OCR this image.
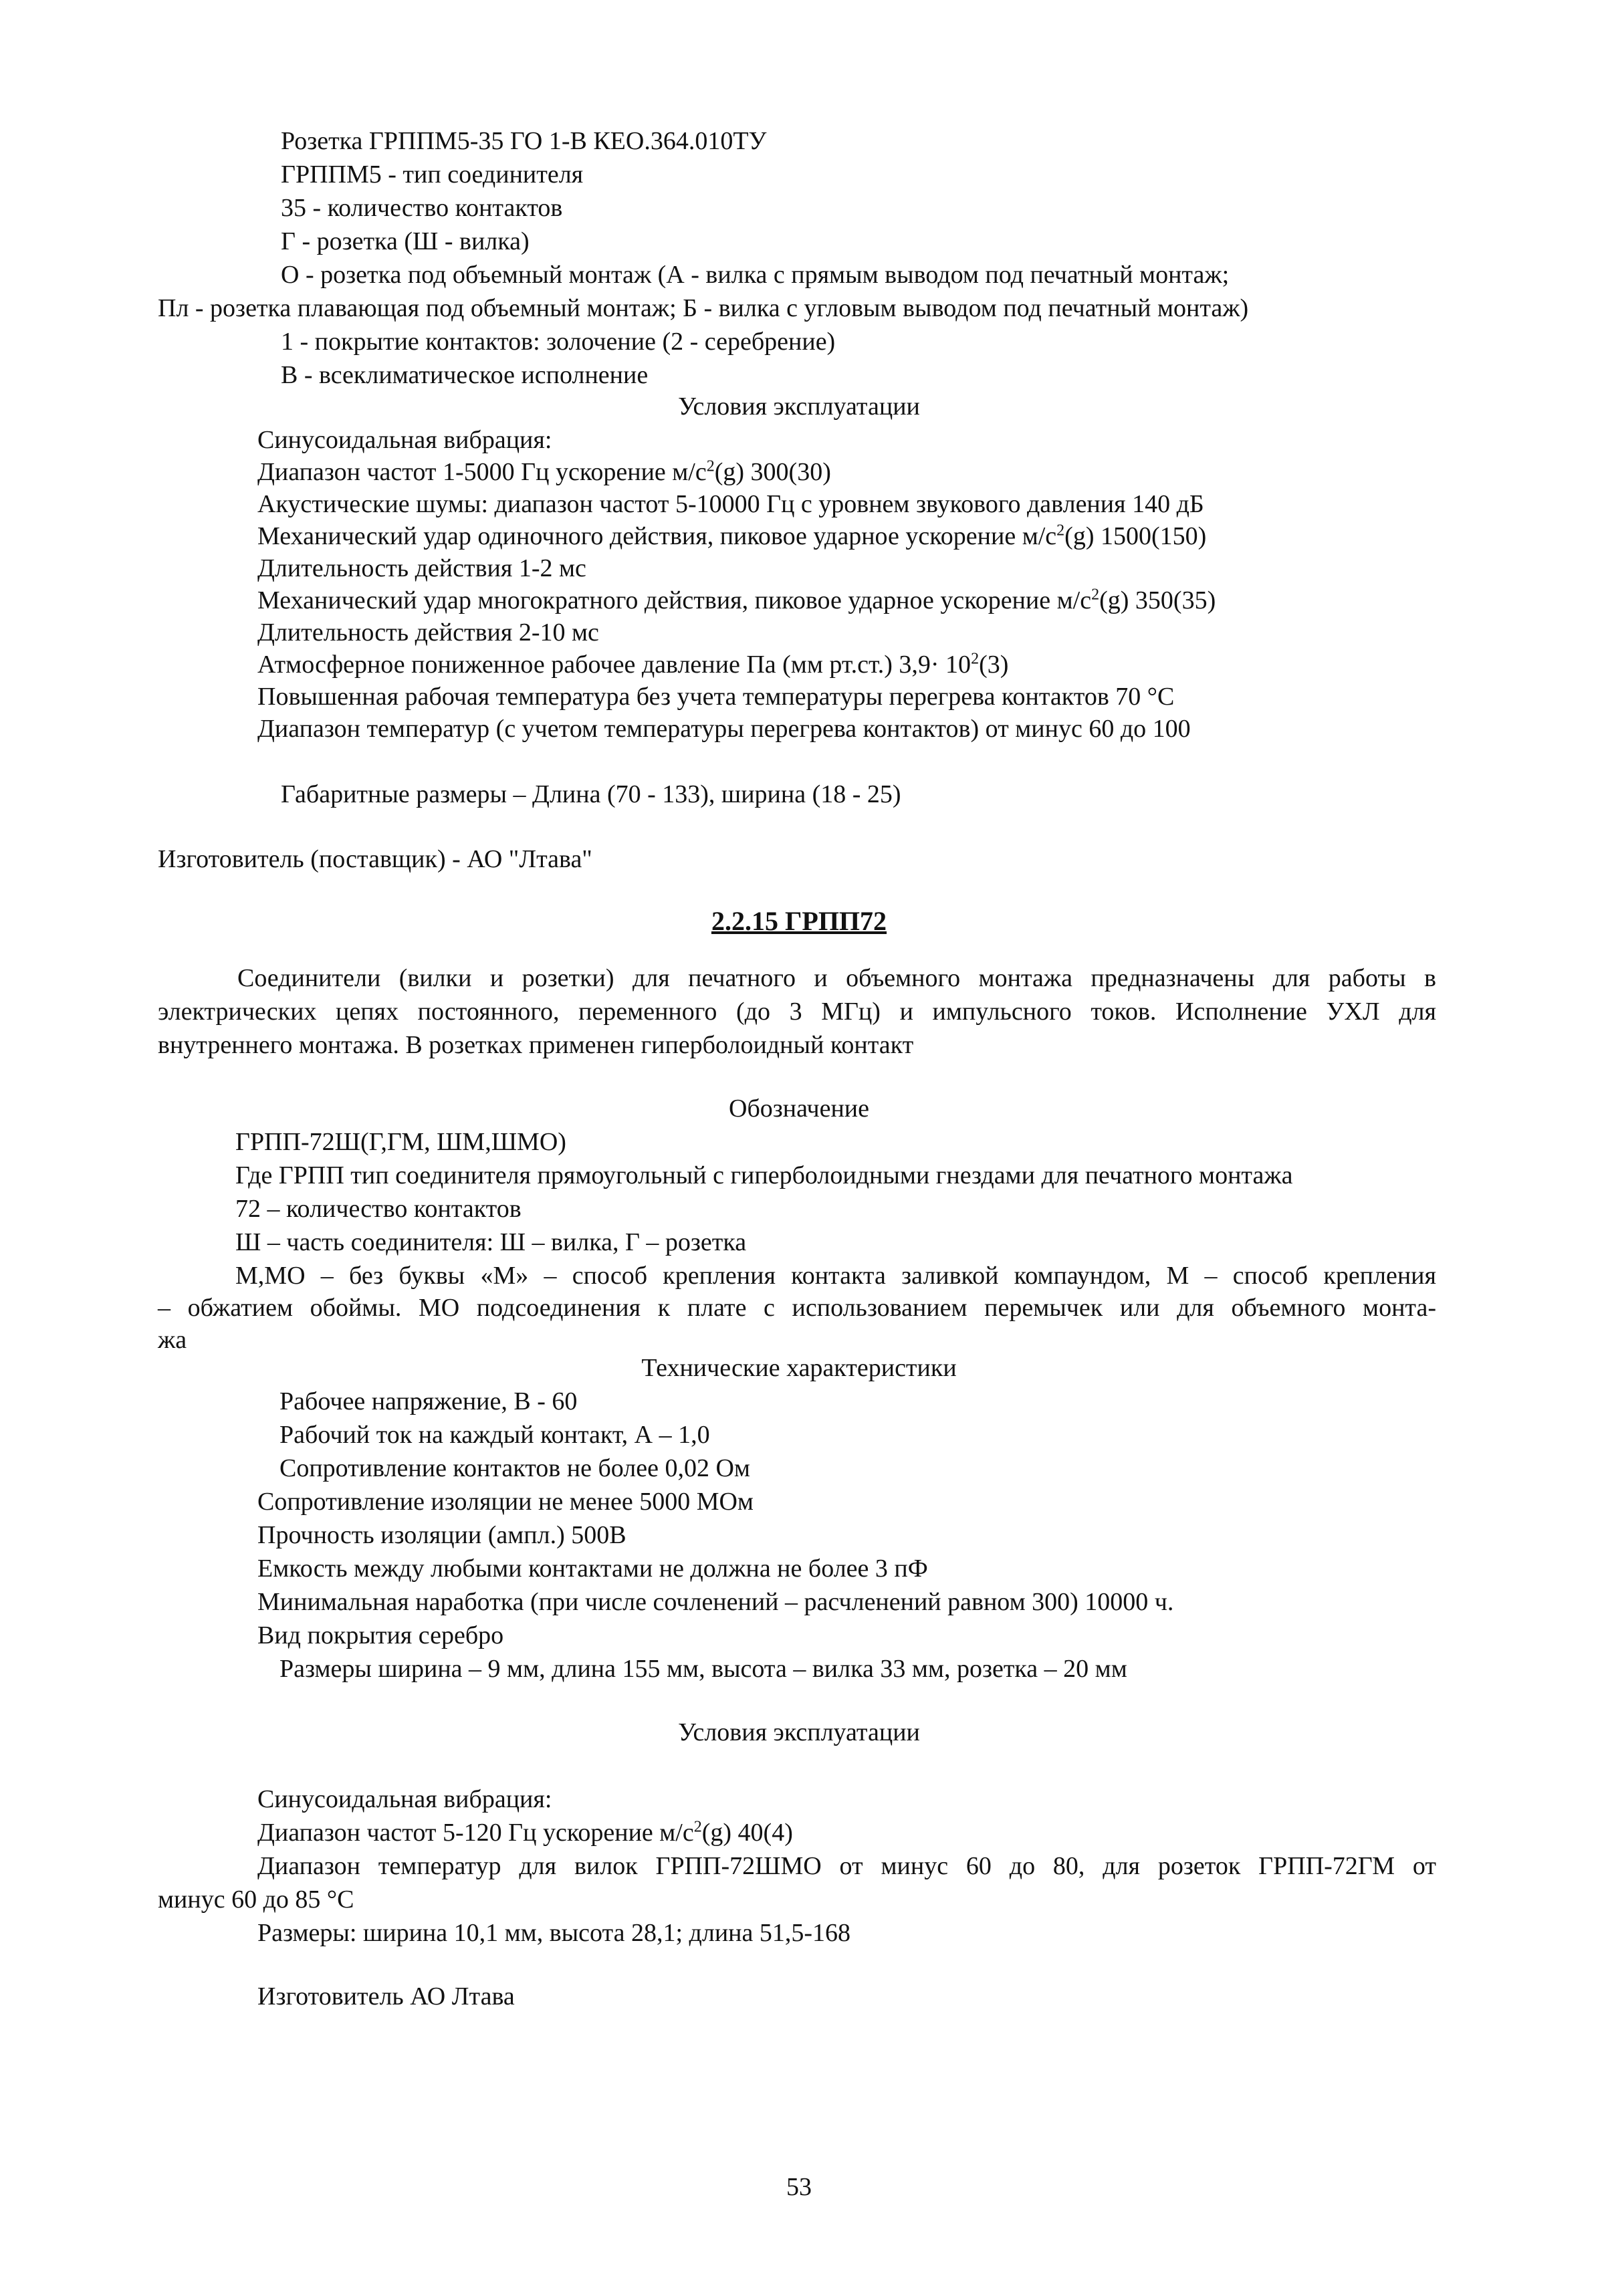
Розетка ГРППМ5-35 ГО 1-В КЕО.364.010ТУ
ГРППМ5 - тип соединителя
35 - количество контактов
Г - розетка (Ш - вилка)
О - розетка под объемный монтаж (А - вилка с прямым выводом под печатный монтаж;
Пл - розетка плавающая под объемный монтаж; Б - вилка с угловым выводом под печатный монтаж)
1 - покрытие контактов: золочение (2 - серебрение)
В - всеклиматическое исполнение
Условия эксплуатации
Синусоидальная вибрация:
Диапазон частот 1-5000 Гц ускорение $м/с^2(g)$ 300(30)
Акустические шумы: диапазон частот 5-10000 Гц с уровнем звукового давления 140 дБ
Механический удар одиночного действия, пиковое ударное ускорение $м/с^2(g)$ 1500(150)
Длительность действия 1-2 мс
Механический удар многократного действия, пиковое ударное ускорение $м/с^2(g)$ 350(35)
Длительность действия 2-10 мс
Атмосферное пониженное рабочее давление Па (мм рт.ст.) $3,9\cdot 10^2(3)$
Повышенная рабочая температура без учета температуры перегрева контактов 70 °С
Диапазон температур (с учетом температуры перегрева контактов) от минус 60 до 100
Габаритные размеры – Длина (70 - 133), ширина (18 - 25)
Изготовитель (поставщик) - АО "Лтава"
2.2.15 ГРПП72
Соединители (вилки и розетки) для печатного и объемного монтажа предназначены для работы в
электрических цепях постоянного, переменного (до 3 МГц) и импульсного токов. Исполнение УХЛ для
внутреннего монтажа. В розетках применен гиперболоидный контакт
Обозначение
ГРПП-72Ш(Г,ГМ, ШМ,ШМО)
Где ГРПП тип соединителя прямоугольный с гиперболоидными гнездами для печатного монтажа
72 – количество контактов
Ш – часть соединителя: Ш – вилка, Г – розетка
М,МО – без буквы «М» – способ крепления контакта заливкой компаундом, М – способ крепления
– обжатием обоймы. МО подсоединения к плате с использованием перемычек или для объемного монта-
жа
Технические характеристики
Рабочее напряжение, В - 60
Рабочий ток на каждый контакт, А – 1,0
Сопротивление контактов не более 0,02 Ом
Сопротивление изоляции не менее 5000 МОм
Прочность изоляции (ампл.) 500В
Емкость между любыми контактами не должна не более 3 пФ
Минимальная наработка (при числе сочленений – расчленений равном 300) 10000 ч.
Вид покрытия серебро
Размеры ширина – 9 мм, длина 155 мм, высота – вилка 33 мм, розетка – 20 мм
Условия эксплуатации
Синусоидальная вибрация:
Диапазон частот 5-120 Гц ускорение $м/с^2(g)$ 40(4)
Диапазон температур для вилок ГРПП-72ШМО от минус 60 до 80, для розеток ГРПП-72ГМ от
минус 60 до 85 °С
Размеры: ширина 10,1 мм, высота 28,1; длина 51,5-168
Изготовитель АО Лтава
53
